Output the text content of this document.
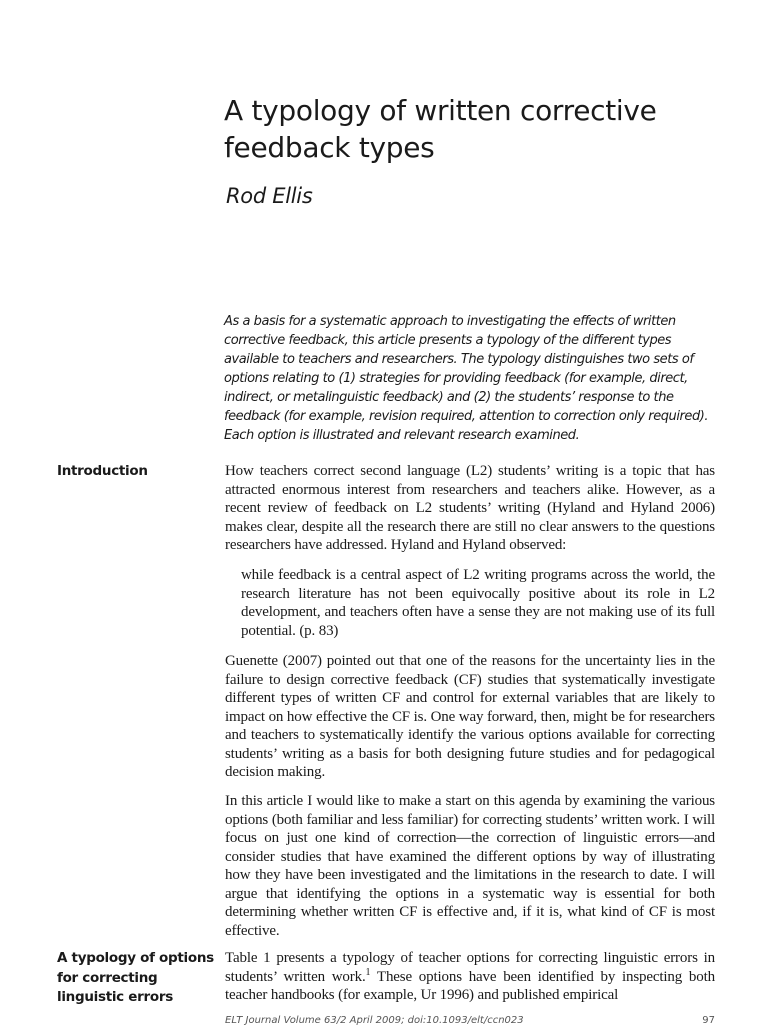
A typology of written corrective feedback types

Rod Ellis

As a basis for a systematic approach to investigating the effects of written corrective feedback, this article presents a typology of the different types available to teachers and researchers. The typology distinguishes two sets of options relating to (1) strategies for providing feedback (for example, direct, indirect, or metalinguistic feedback) and (2) the students’ response to the feedback (for example, revision required, attention to correction only required). Each option is illustrated and relevant research examined.

Introduction	How teachers correct second language (L2) students’ writing is a topic that has attracted enormous interest from researchers and teachers alike. However, as a recent review of feedback on L2 students’ writing (Hyland and Hyland 2006) makes clear, despite all the research there are still no clear answers to the questions researchers have addressed. Hyland and Hyland observed:

while feedback is a central aspect of L2 writing programs across the world, the research literature has not been equivocally positive about its role in L2 development, and teachers often have a sense they are not making use of its full potential. (p. 83)

Guenette (2007) pointed out that one of the reasons for the uncertainty lies in the failure to design corrective feedback (CF) studies that systematically investigate different types of written CF and control for external variables that are likely to impact on how effective the CF is. One way forward, then, might be for researchers and teachers to systematically identify the various options available for correcting students’ writing as a basis for both designing future studies and for pedagogical decision making.

In this article I would like to make a start on this agenda by examining the various options (both familiar and less familiar) for correcting students’ written work. I will focus on just one kind of correction—the correction of linguistic errors—and consider studies that have examined the different options by way of illustrating how they have been investigated and the limitations in the research to date. I will argue that identifying the options in a systematic way is essential for both determining whether written CF is effective and, if it is, what kind of CF is most effective.

A typology of options for correcting linguistic errors

Table 1 presents a typology of teacher options for correcting linguistic errors in students’ written work.$^1$ These options have been identified by inspecting both teacher handbooks (for example, Ur 1996) and published empirical

ELT Journal Volume 63/2 April 2009; doi:10.1093/elt/ccn023	97
